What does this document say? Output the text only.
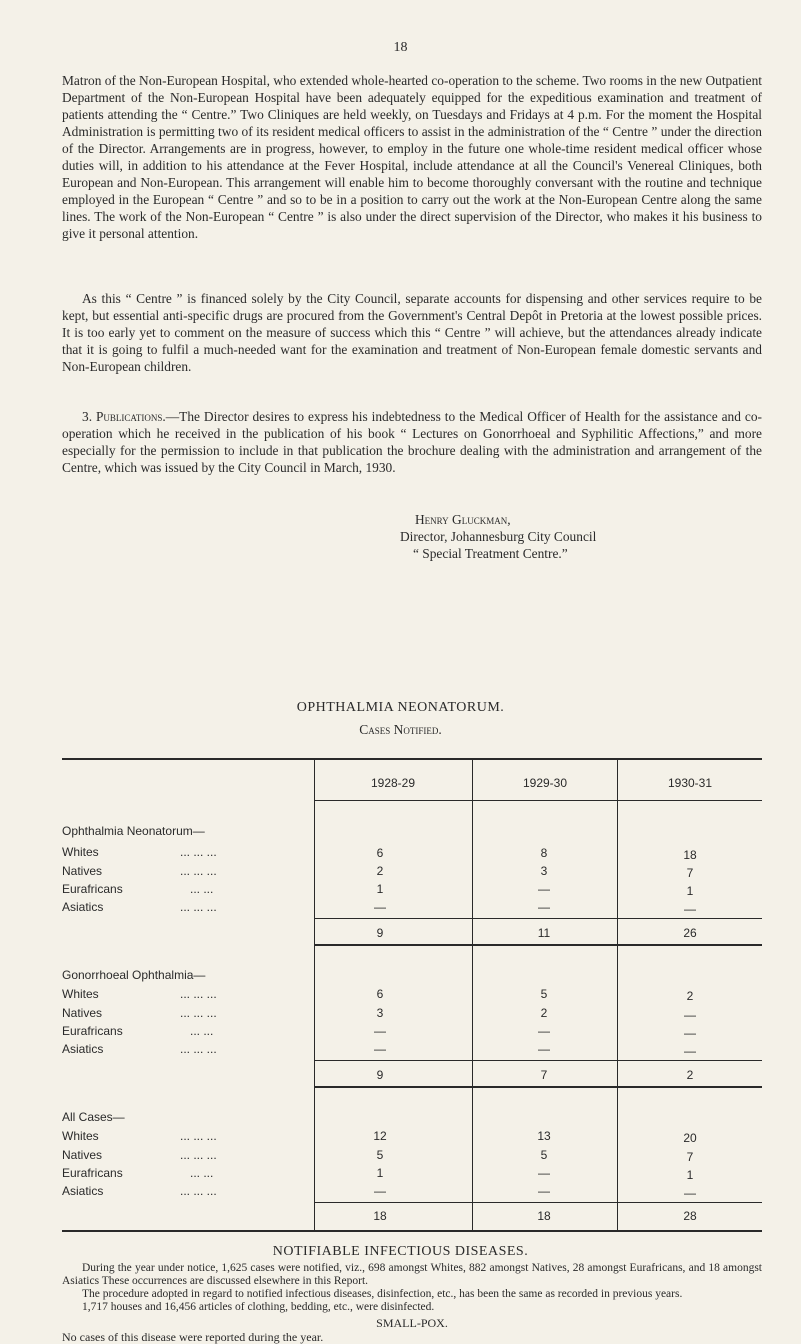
18

Matron of the Non-European Hospital, who extended whole-hearted co-operation to the scheme. Two rooms in the new Outpatient Department of the Non-European Hospital have been adequately equipped for the expeditious examination and treatment of patients attending the “ Centre.” Two Cliniques are held weekly, on Tuesdays and Fridays at 4 p.m. For the moment the Hospital Administration is permitting two of its resident medical officers to assist in the administration of the “ Centre ” under the direction of the Director. Arrangements are in progress, however, to employ in the future one whole-time resident medical officer whose duties will, in addition to his attendance at the Fever Hospital, include attendance at all the Council's Venereal Cliniques, both European and Non-European. This arrangement will enable him to become thoroughly conversant with the routine and technique employed in the European “ Centre ” and so to be in a position to carry out the work at the Non-European Centre along the same lines. The work of the Non-European “ Centre ” is also under the direct supervision of the Director, who makes it his business to give it personal attention.

As this “ Centre ” is financed solely by the City Council, separate accounts for dispensing and other services require to be kept, but essential anti-specific drugs are procured from the Government's Central Depôt in Pretoria at the lowest possible prices. It is too early yet to comment on the measure of success which this “ Centre ” will achieve, but the attendances already indicate that it is going to fulfil a much-needed want for the examination and treatment of Non-European female domestic servants and Non-European children.

3. Publications.—The Director desires to express his indebtedness to the Medical Officer of Health for the assistance and co-operation which he received in the publication of his book “ Lectures on Gonorrhoeal and Syphilitic Affections,” and more especially for the permission to include in that publication the brochure dealing with the administration and arrangement of the Centre, which was issued by the City Council in March, 1930.

Henry Gluckman,
Director, Johannesburg City Council
“ Special Treatment Centre.”
OPHTHALMIA NEONATORUM.
Cases Notified.
1928-29	1929-30	1930-31
Ophthalmia Neonatorum—
Whites	... ... ...	6	8	18
Natives	... ... ...	2	3	7
Eurafricans	... ...	1	—	1
Asiatics	... ... ...	—	—	—
9	11	26
Gonorrhoeal Ophthalmia—
Whites	... ... ...	6	5	2
Natives	... ... ...	3	2	—
Eurafricans	... ...	—	—	—
Asiatics	... ... ...	—	—	—
9	7	2
All Cases—
Whites	... ... ...	12	13	20
Natives	... ... ...	5	5	7
Eurafricans	... ...	1	—	1
Asiatics	... ... ...	—	—	—
18	18	28
NOTIFIABLE INFECTIOUS DISEASES.

During the year under notice, 1,625 cases were notified, viz., 698 amongst Whites, 882 amongst Natives, 28 amongst Eurafricans, and 18 amongst Asiatics These occurrences are discussed elsewhere in this Report.

The procedure adopted in regard to notified infectious diseases, disinfection, etc., has been the same as recorded in previous years.

1,717 houses and 16,456 articles of clothing, bedding, etc., were disinfected.

SMALL-POX.

No cases of this disease were reported during the year.
